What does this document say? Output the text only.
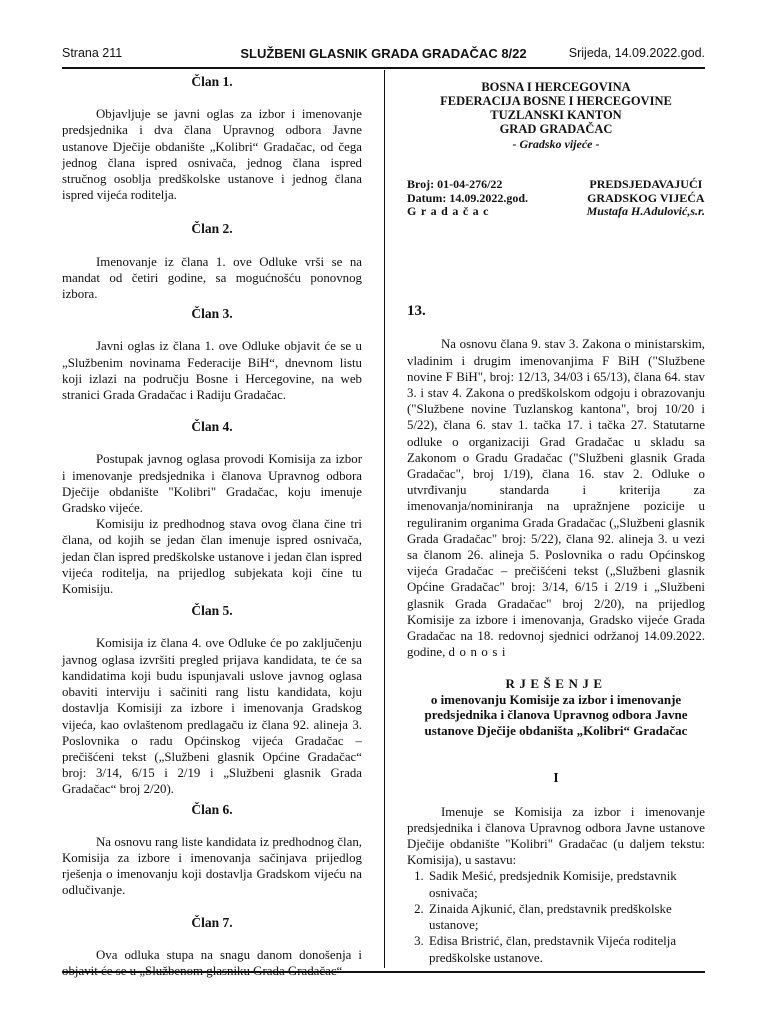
Strana 211	SLUŽBENI GLASNIK GRADA GRADAČAC 8/22	Srijeda, 14.09.2022.god.
Član 1.

Objavljuje se javni oglas za izbor i imenovanje predsjednika i dva člana Upravnog odbora Javne ustanove Dječije obdanište „Kolibri“ Gradačac, od čega jednog člana ispred osnivača, jednog člana ispred stručnog osoblja predškolske ustanove i jednog člana ispred vijeća roditelja.

Član 2.

Imenovanje iz člana 1. ove Odluke vrši se na mandat od četiri godine, sa mogućnošću ponovnog izbora.

Član 3.

Javni oglas iz člana 1. ove Odluke objavit će se u „Službenim novinama Federacije BiH“, dnevnom listu koji izlazi na području Bosne i Hercegovine, na web stranici Grada Gradačac i Radiju Gradačac.

Član 4.

Postupak javnog oglasa provodi Komisija za izbor i imenovanje predsjednika i članova Upravnog odbora Dječije obdanište "Kolibri" Gradačac, koju imenuje Gradsko vijeće.

Komisiju iz predhodnog stava ovog člana čine tri člana, od kojih se jedan član imenuje ispred osnivača, jedan član ispred predškolske ustanove i jedan član ispred vijeća roditelja, na prijedlog subjekata koji čine tu Komisiju.

Član 5.

Komisija iz člana 4. ove Odluke će po zaključenju javnog oglasa izvršiti pregled prijava kandidata, te će sa kandidatima koji budu ispunjavali uslove javnog oglasa obaviti interviju i sačiniti rang listu kandidata, koju dostavlja Komisiji za izbore i imenovanja Gradskog vijeća, kao ovlaštenom predlagaču iz člana 92. alineja 3. Poslovnika o radu Općinskog vijeća Gradačac – prečišćeni tekst („Službeni glasnik Općine Gradačac“ broj: 3/14, 6/15 i 2/19 i „Službeni glasnik Grada Gradačac“ broj 2/20).

Član 6.

Na osnovu rang liste kandidata iz predhodnog član, Komisija za izbore i imenovanja sačinjava prijedlog rješenja o imenovanju koji dostavlja Gradskom vijeću na odlučivanje.

Član 7.

Ova odluka stupa na snagu danom donošenja i objavit će se u „Službenom glasniku Grada Gradačac“

BOSNA I HERCEGOVINA
FEDERACIJA BOSNE I HERCEGOVINE
TUZLANSKI KANTON
GRAD GRADAČAC
- Gradsko vijeće -
Broj: 01-04-276/22
Datum: 14.09.2022.god.
Gradačac
PREDSJEDAVAJUĆI
GRADSKOG VIJEĆA
Mustafa H.Adulović,s.r.
13.

Na osnovu člana 9. stav 3. Zakona o ministarskim, vladinim i drugim imenovanjima F BiH ("Službene novine F BiH", broj: 12/13, 34/03 i 65/13), člana 64. stav 3. i stav 4. Zakona o predškolskom odgoju i obrazovanju ("Službene novine Tuzlanskog kantona", broj 10/20 i 5/22), člana 6. stav 1. tačka 17. i tačka 27. Statutarne odluke o organizaciji Grad Gradačac u skladu sa Zakonom o Gradu Gradačac ("Službeni glasnik Grada Gradačac", broj 1/19), člana 16. stav 2. Odluke o utvrđivanju standarda i kriterija za imenovanja/nominiranja na upražnjene pozicije u reguliranim organima Grada Gradačac („Službeni glasnik Grada Gradačac" broj: 5/22), člana 92. alineja 3. u vezi sa članom 26. alineja 5. Poslovnika o radu Općinskog vijeća Gradačac – prečišćeni tekst („Službeni glasnik Općine Gradačac" broj: 3/14, 6/15 i 2/19 i „Službeni glasnik Grada Gradačac" broj 2/20), na prijedlog Komisije za izbore i imenovanja, Gradsko vijeće Grada Gradačac na 18. redovnoj sjednici održanoj 14.09.2022. godine, donosi

RJEŠENJE
o imenovanju Komisije za izbor i imenovanje predsjednika i članova Upravnog odbora Javne ustanove Dječije obdaništa „Kolibri“ Gradačac
I

Imenuje se Komisija za izbor i imenovanje predsjednika i članova Upravnog odbora Javne ustanove Dječije obdanište "Kolibri" Gradačac (u daljem tekstu: Komisija), u sastavu:

1. Sadik Mešić, predsjednik Komisije, predstavnik osnivača;
2. Zinaida Ajkunić, član, predstavnik predškolske ustanove;
3. Edisa Bristrić, član, predstavnik Vijeća roditelja predškolske ustanove.
